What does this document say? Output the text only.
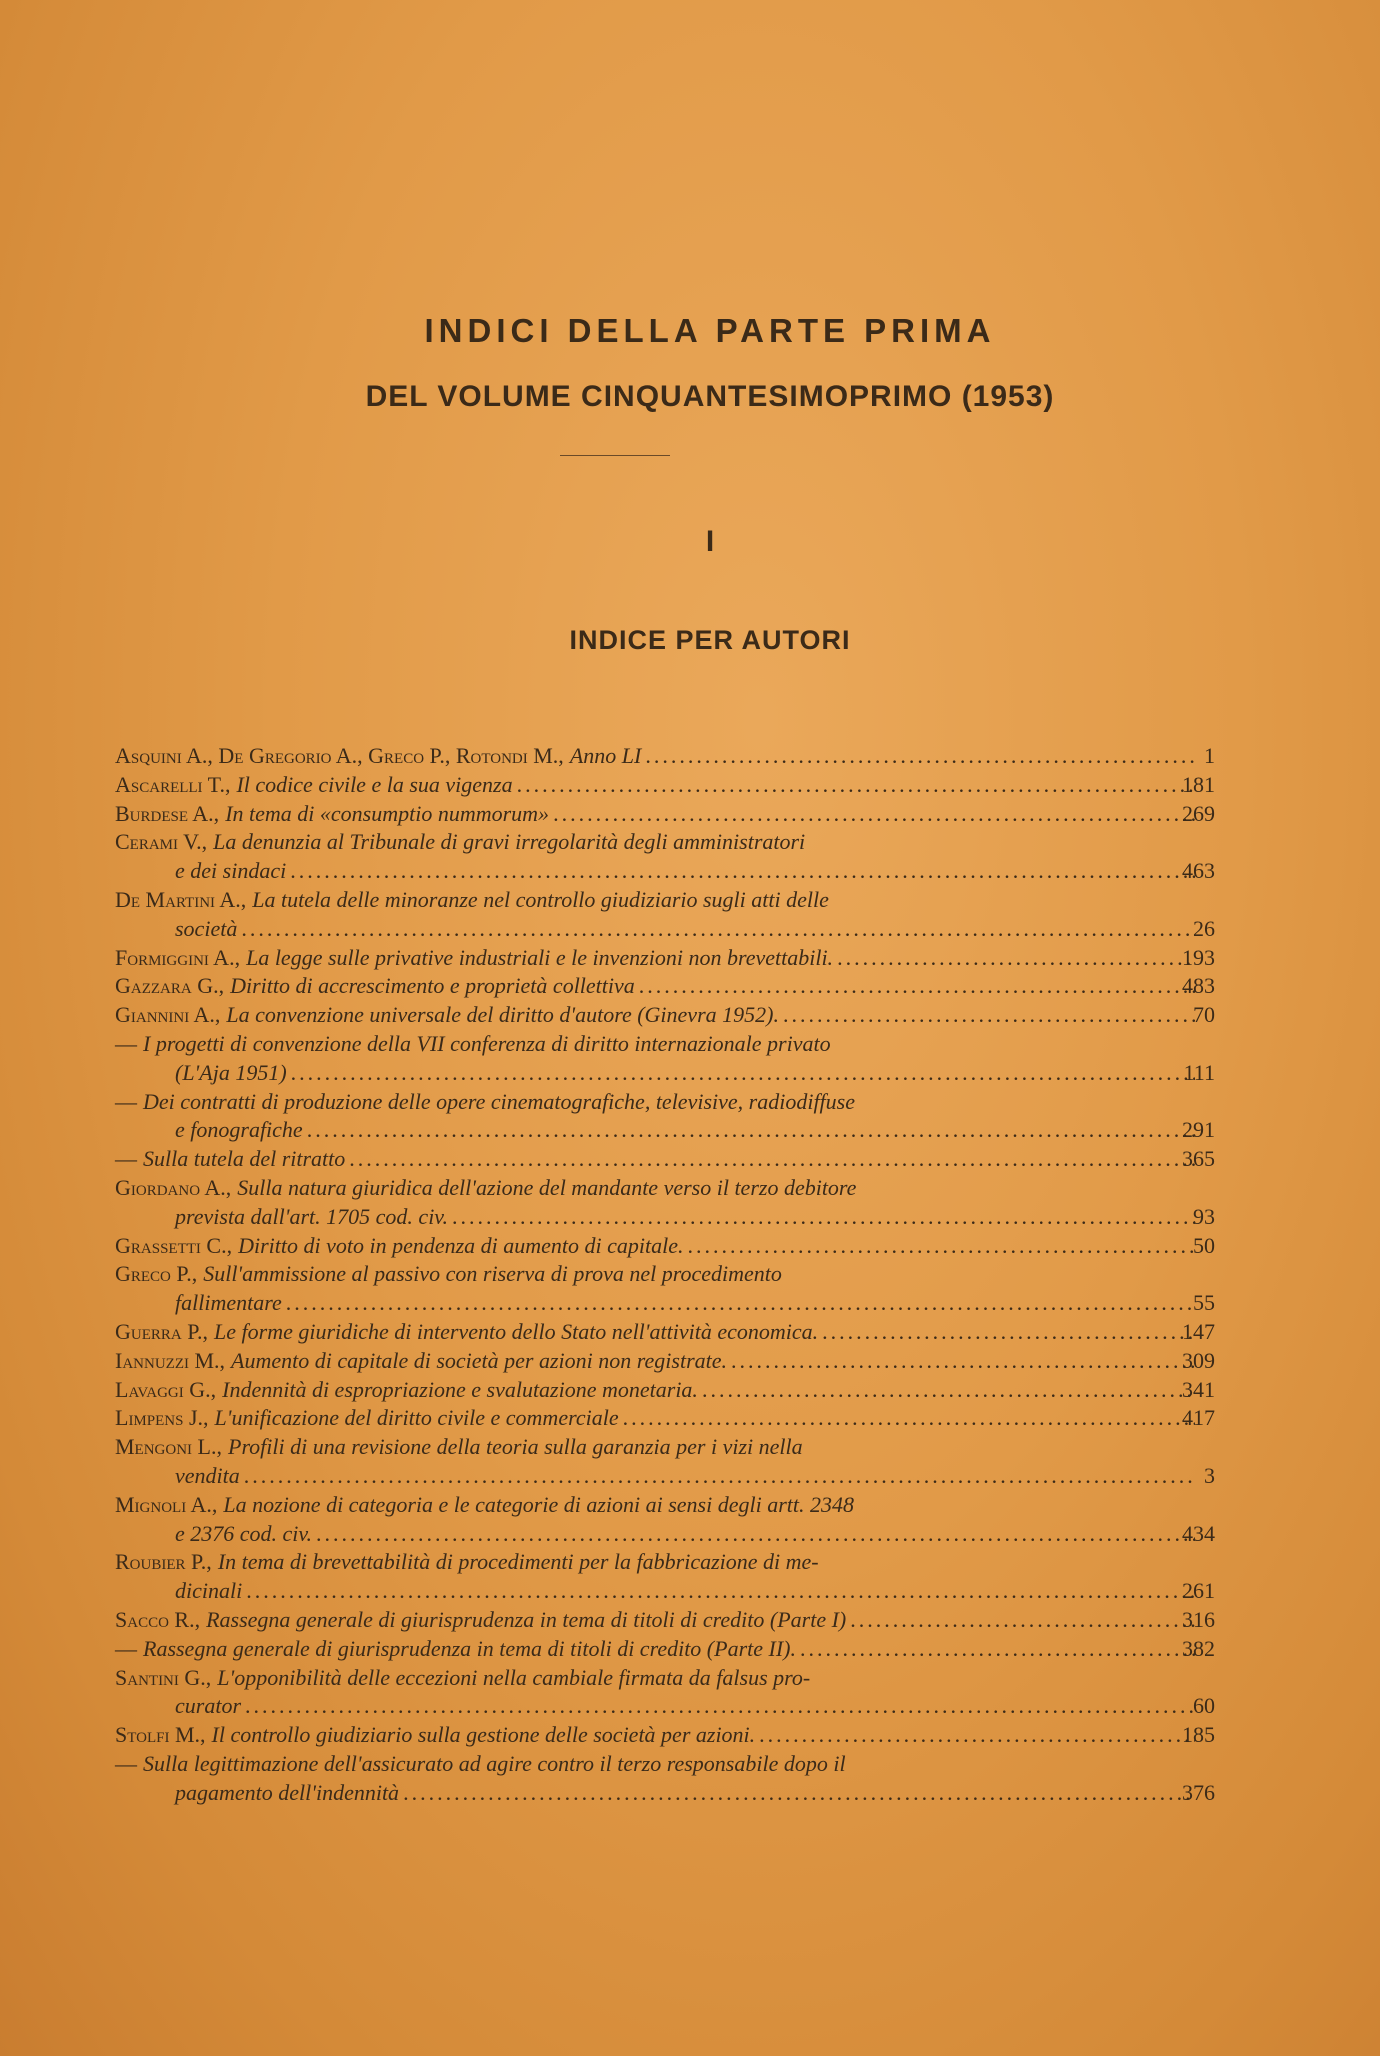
INDICI DELLA PARTE PRIMA
DEL VOLUME CINQUANTESIMOPRIMO (1953)
I
INDICE PER AUTORI
Asquini A., De Gregorio A., Greco P., Rotondi M., Anno LI .....	1
Ascarelli T., Il codice civile e la sua vigenza .....	181
Burdese A., In tema di «consumptio nummorum» .....	269
Cerami V., La denunzia al Tribunale di gravi irregolarità degli amministratori
e dei sindaci .....	463
De Martini A., La tutela delle minoranze nel controllo giudiziario sugli atti delle
società .....	26
Formiggini A., La legge sulle privative industriali e le invenzioni non brevettabili. .....	193
Gazzara G., Diritto di accrescimento e proprietà collettiva .....	483
Giannini A., La convenzione universale del diritto d'autore (Ginevra 1952). .....	70
— I progetti di convenzione della VII conferenza di diritto internazionale privato
(L'Aja 1951) .....	111
— Dei contratti di produzione delle opere cinematografiche, televisive, radiodiffuse
e fonografiche .....	291
— Sulla tutela del ritratto .....	365
Giordano A., Sulla natura giuridica dell'azione del mandante verso il terzo debitore
prevista dall'art. 1705 cod. civ. .....	93
Grassetti C., Diritto di voto in pendenza di aumento di capitale. .....	50
Greco P., Sull'ammissione al passivo con riserva di prova nel procedimento
fallimentare .....	55
Guerra P., Le forme giuridiche di intervento dello Stato nell'attività economica. .....	147
Iannuzzi M., Aumento di capitale di società per azioni non registrate. .....	309
Lavaggi G., Indennità di espropriazione e svalutazione monetaria. .....	341
Limpens J., L'unificazione del diritto civile e commerciale .....	417
Mengoni L., Profili di una revisione della teoria sulla garanzia per i vizi nella
vendita .....	3
Mignoli A., La nozione di categoria e le categorie di azioni ai sensi degli artt. 2348
e 2376 cod. civ. .....	434
Roubier P., In tema di brevettabilità di procedimenti per la fabbricazione di me-
dicinali .....	261
Sacco R., Rassegna generale di giurisprudenza in tema di titoli di credito (Parte I) .....	316
— Rassegna generale di giurisprudenza in tema di titoli di credito (Parte II). .....	382
Santini G., L'opponibilità delle eccezioni nella cambiale firmata da falsus pro-
curator .....	60
Stolfi M., Il controllo giudiziario sulla gestione delle società per azioni. .....	185
— Sulla legittimazione dell'assicurato ad agire contro il terzo responsabile dopo il
pagamento dell'indennità .....	376
